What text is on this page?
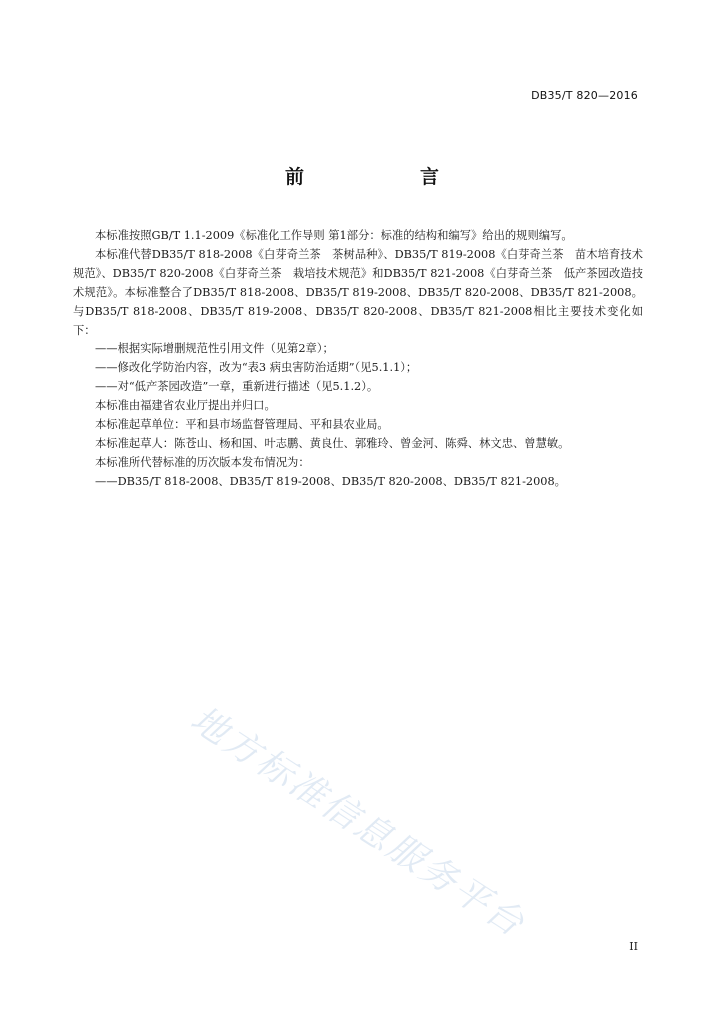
DB35/T 820—2016
前　　言

本标准按照GB/T 1.1-2009《标准化工作导则 第1部分：标准的结构和编写》给出的规则编写。

本标准代替DB35/T 818-2008《白芽奇兰茶　茶树品种》、DB35/T 819-2008《白芽奇兰茶　苗木培育技术规范》、DB35/T 820-2008《白芽奇兰茶　栽培技术规范》和DB35/T 821-2008《白芽奇兰茶　低产茶园改造技术规范》。本标准整合了DB35/T 818-2008、DB35/T 819-2008、DB35/T 820-2008、DB35/T 821-2008。与DB35/T 818-2008、DB35/T 819-2008、DB35/T 820-2008、DB35/T 821-2008相比主要技术变化如下：

——根据实际增删规范性引用文件（见第2章）；

——修改化学防治内容，改为“表3 病虫害防治适期”（见5.1.1）；

——对“低产茶园改造”一章，重新进行描述（见5.1.2）。

本标准由福建省农业厅提出并归口。

本标准起草单位：平和县市场监督管理局、平和县农业局。

本标准起草人：陈苍山、杨和国、叶志鹏、黄良仕、郭雅玲、曾金河、陈舜、林文忠、曾慧敏。

本标准所代替标准的历次版本发布情况为：

——DB35/T 818-2008、DB35/T 819-2008、DB35/T 820-2008、DB35/T 821-2008。

地方标准信息服务平台
II
